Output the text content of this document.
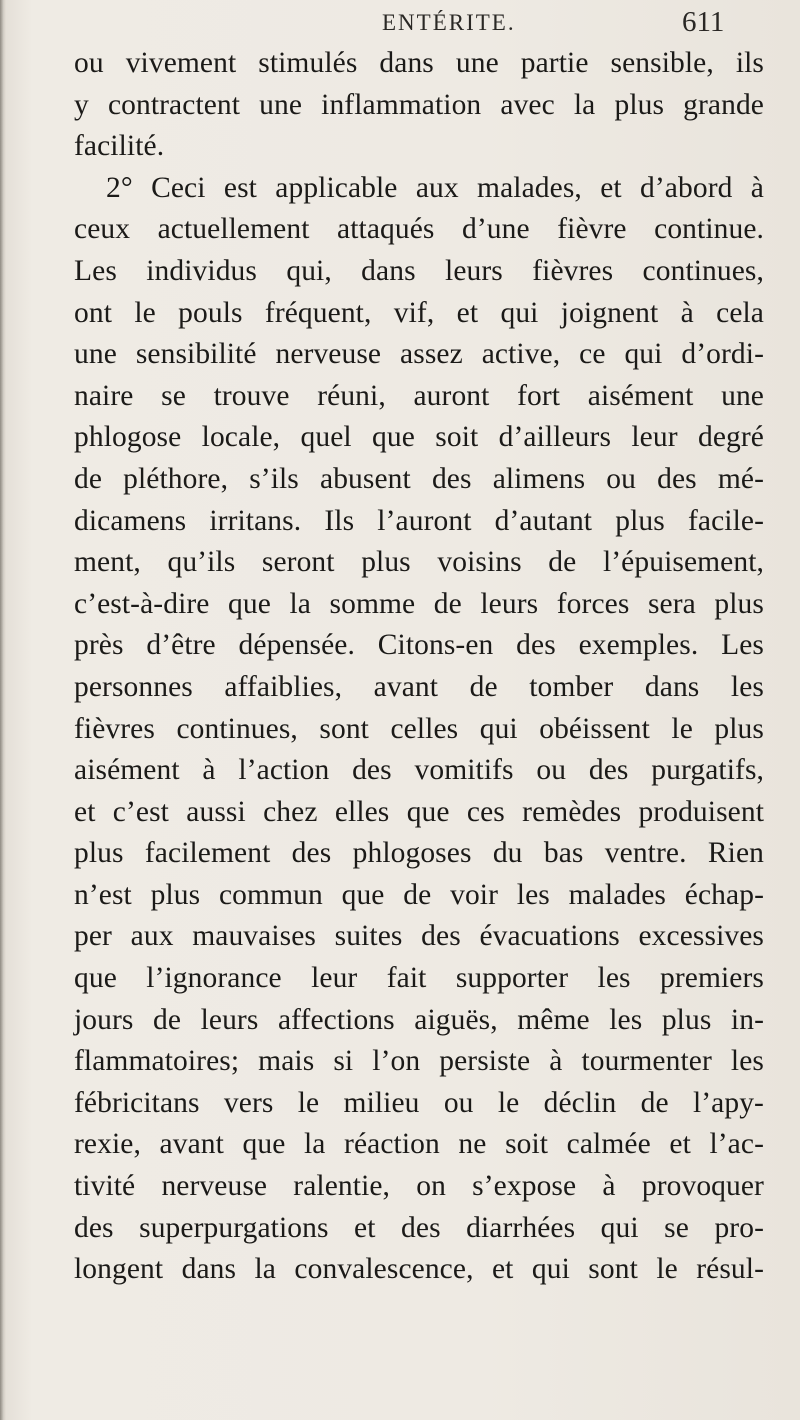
ENTÉRITE.	611
ou vivement stimulés dans une partie sensible, ils
y contractent une inflammation avec la plus grande
facilité.
2° Ceci est applicable aux malades, et d’abord à
ceux actuellement attaqués d’une fièvre continue.
Les individus qui, dans leurs fièvres continues,
ont le pouls fréquent, vif, et qui joignent à cela
une sensibilité nerveuse assez active, ce qui d’ordi-
naire se trouve réuni, auront fort aisément une
phlogose locale, quel que soit d’ailleurs leur degré
de pléthore, s’ils abusent des alimens ou des mé-
dicamens irritans. Ils l’auront d’autant plus facile-
ment, qu’ils seront plus voisins de l’épuisement,
c’est-à-dire que la somme de leurs forces sera plus
près d’être dépensée. Citons-en des exemples. Les
personnes affaiblies, avant de tomber dans les
fièvres continues, sont celles qui obéissent le plus
aisément à l’action des vomitifs ou des purgatifs,
et c’est aussi chez elles que ces remèdes produisent
plus facilement des phlogoses du bas ventre. Rien
n’est plus commun que de voir les malades échap-
per aux mauvaises suites des évacuations excessives
que l’ignorance leur fait supporter les premiers
jours de leurs affections aiguës, même les plus in-
flammatoires; mais si l’on persiste à tourmenter les
fébricitans vers le milieu ou le déclin de l’apy-
rexie, avant que la réaction ne soit calmée et l’ac-
tivité nerveuse ralentie, on s’expose à provoquer
des superpurgations et des diarrhées qui se pro-
longent dans la convalescence, et qui sont le résul-
